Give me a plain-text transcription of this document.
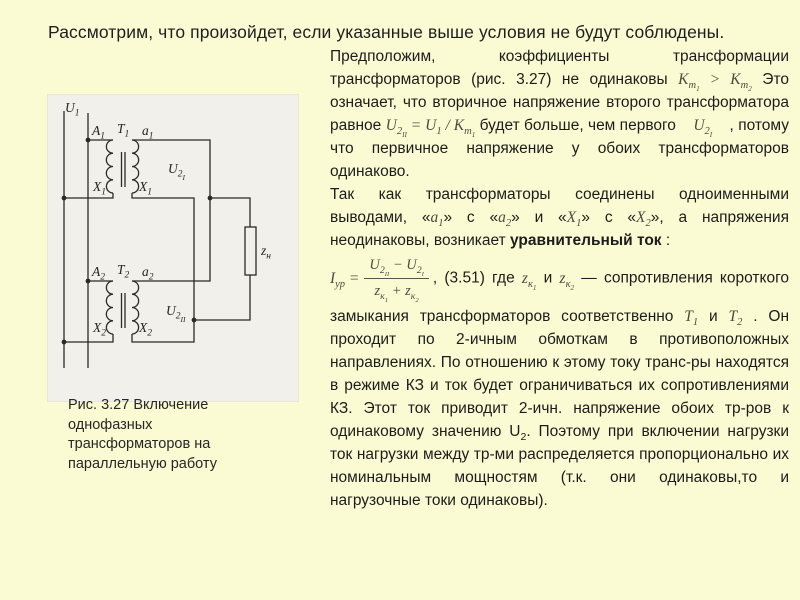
Рассмотрим, что произойдет, если указанные выше условия не будут соблюдены.
$U_1$
$A_1$
$T_1$ $a_1$
$X_1$ $X_1$
$U_{2_I}$
$A_2$
$T_2$ $a_2$
$X_2$ $X_2$
$U_{2_{II}}$
$z_н$
Рис. 3.27 Включение однофазных трансформаторов на параллельную работу
Предположим, коэффициенты трансформации трансформаторов (рис. 3.27) не одинаковы $K_{т_1} > K_{т_2}$ Это означает, что вторичное напряжение второго трансформатора равное $U_{2_{II}} = U_1 / K_{т_1}$ будет больше, чем первого    $U_{2_I}$    , потому что первичное напряжение у обоих трансформаторов одинаково.
Так как трансформаторы соединены одноименными выводами, «$a_1$» с «$a_2$» и «$X_1$» с «$X_2$», а напряжения неодинаковы, возникает уравнительный ток :
$I_{ур} = \frac{U_{2_{II}} - U_{2_I}}{z_{к_1} + z_{к_2}}$ , (3.51) где $z_{к_1}$ и $z_{к_2}$ — сопротивления короткого замыкания трансформаторов соответственно $T_1$ и $T_2$ . Он проходит по 2-ичным обмоткам в противоположных направлениях. По отношению к этому току транс-ры находятся в режиме КЗ и ток будет ограничиваться их сопротивлениями КЗ. Этот ток приводит 2-ичн. напряжение обоих тр-ров к одинаковому значению $U_2$. Поэтому при включении нагрузки ток нагрузки между тр-ми распределяется пропорционально их номинальным мощностям (т.к. они одинаковы,то и нагрузочные токи одинаковы).
